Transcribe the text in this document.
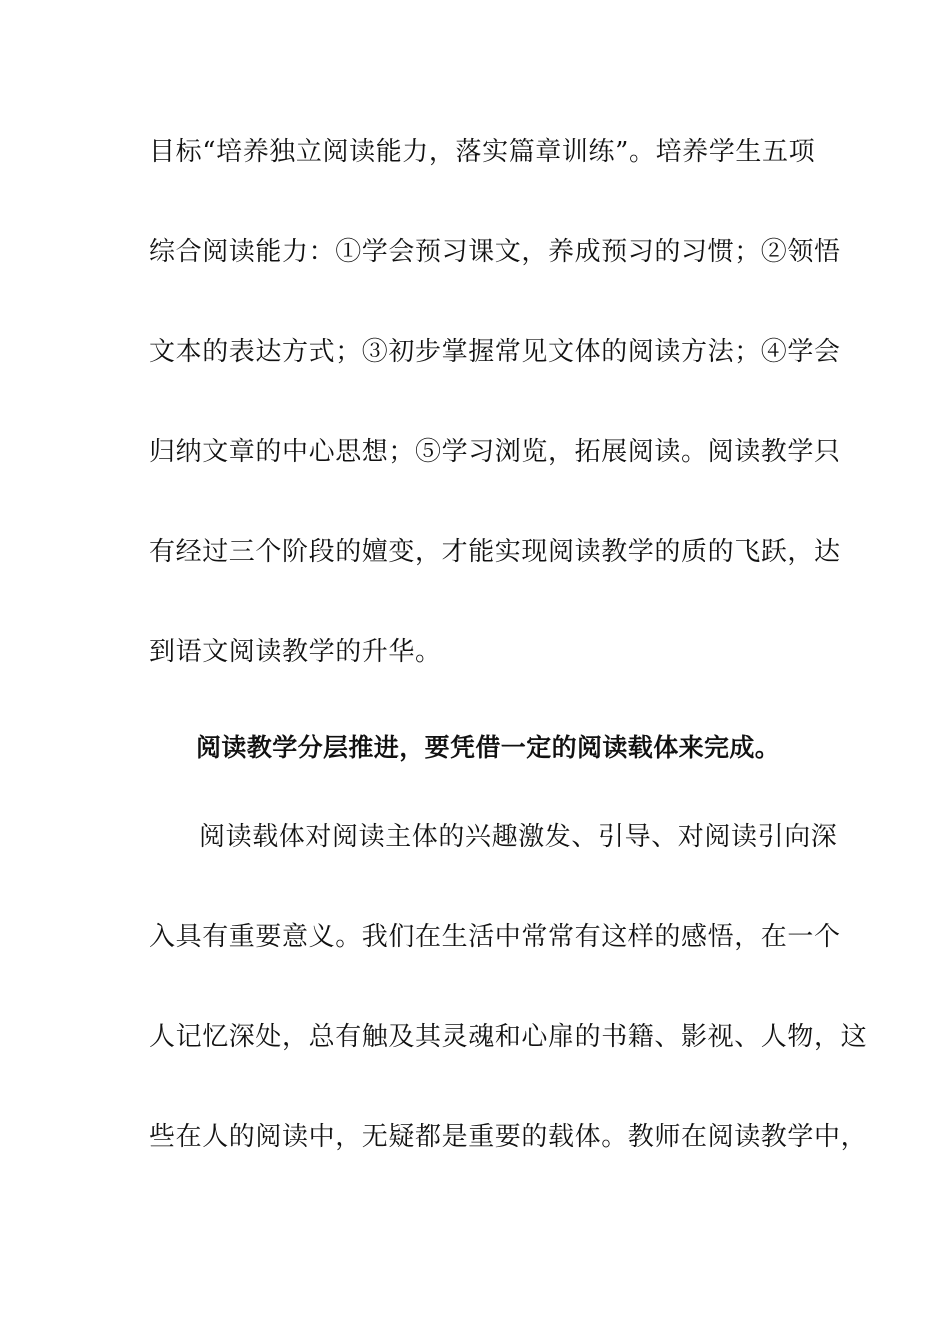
目标“培养独立阅读能力，落实篇章训练”。培养学生五项
综合阅读能力：①学会预习课文，养成预习的习惯；②领悟
文本的表达方式；③初步掌握常见文体的阅读方法；④学会
归纳文章的中心思想；⑤学习浏览，拓展阅读。阅读教学只
有经过三个阶段的嬗变，才能实现阅读教学的质的飞跃，达
到语文阅读教学的升华。
阅读教学分层推进，要凭借一定的阅读载体来完成。
阅读载体对阅读主体的兴趣激发、引导、对阅读引向深
入具有重要意义。我们在生活中常常有这样的感悟，在一个
人记忆深处，总有触及其灵魂和心扉的书籍、影视、人物，这
些在人的阅读中，无疑都是重要的载体。教师在阅读教学中，
